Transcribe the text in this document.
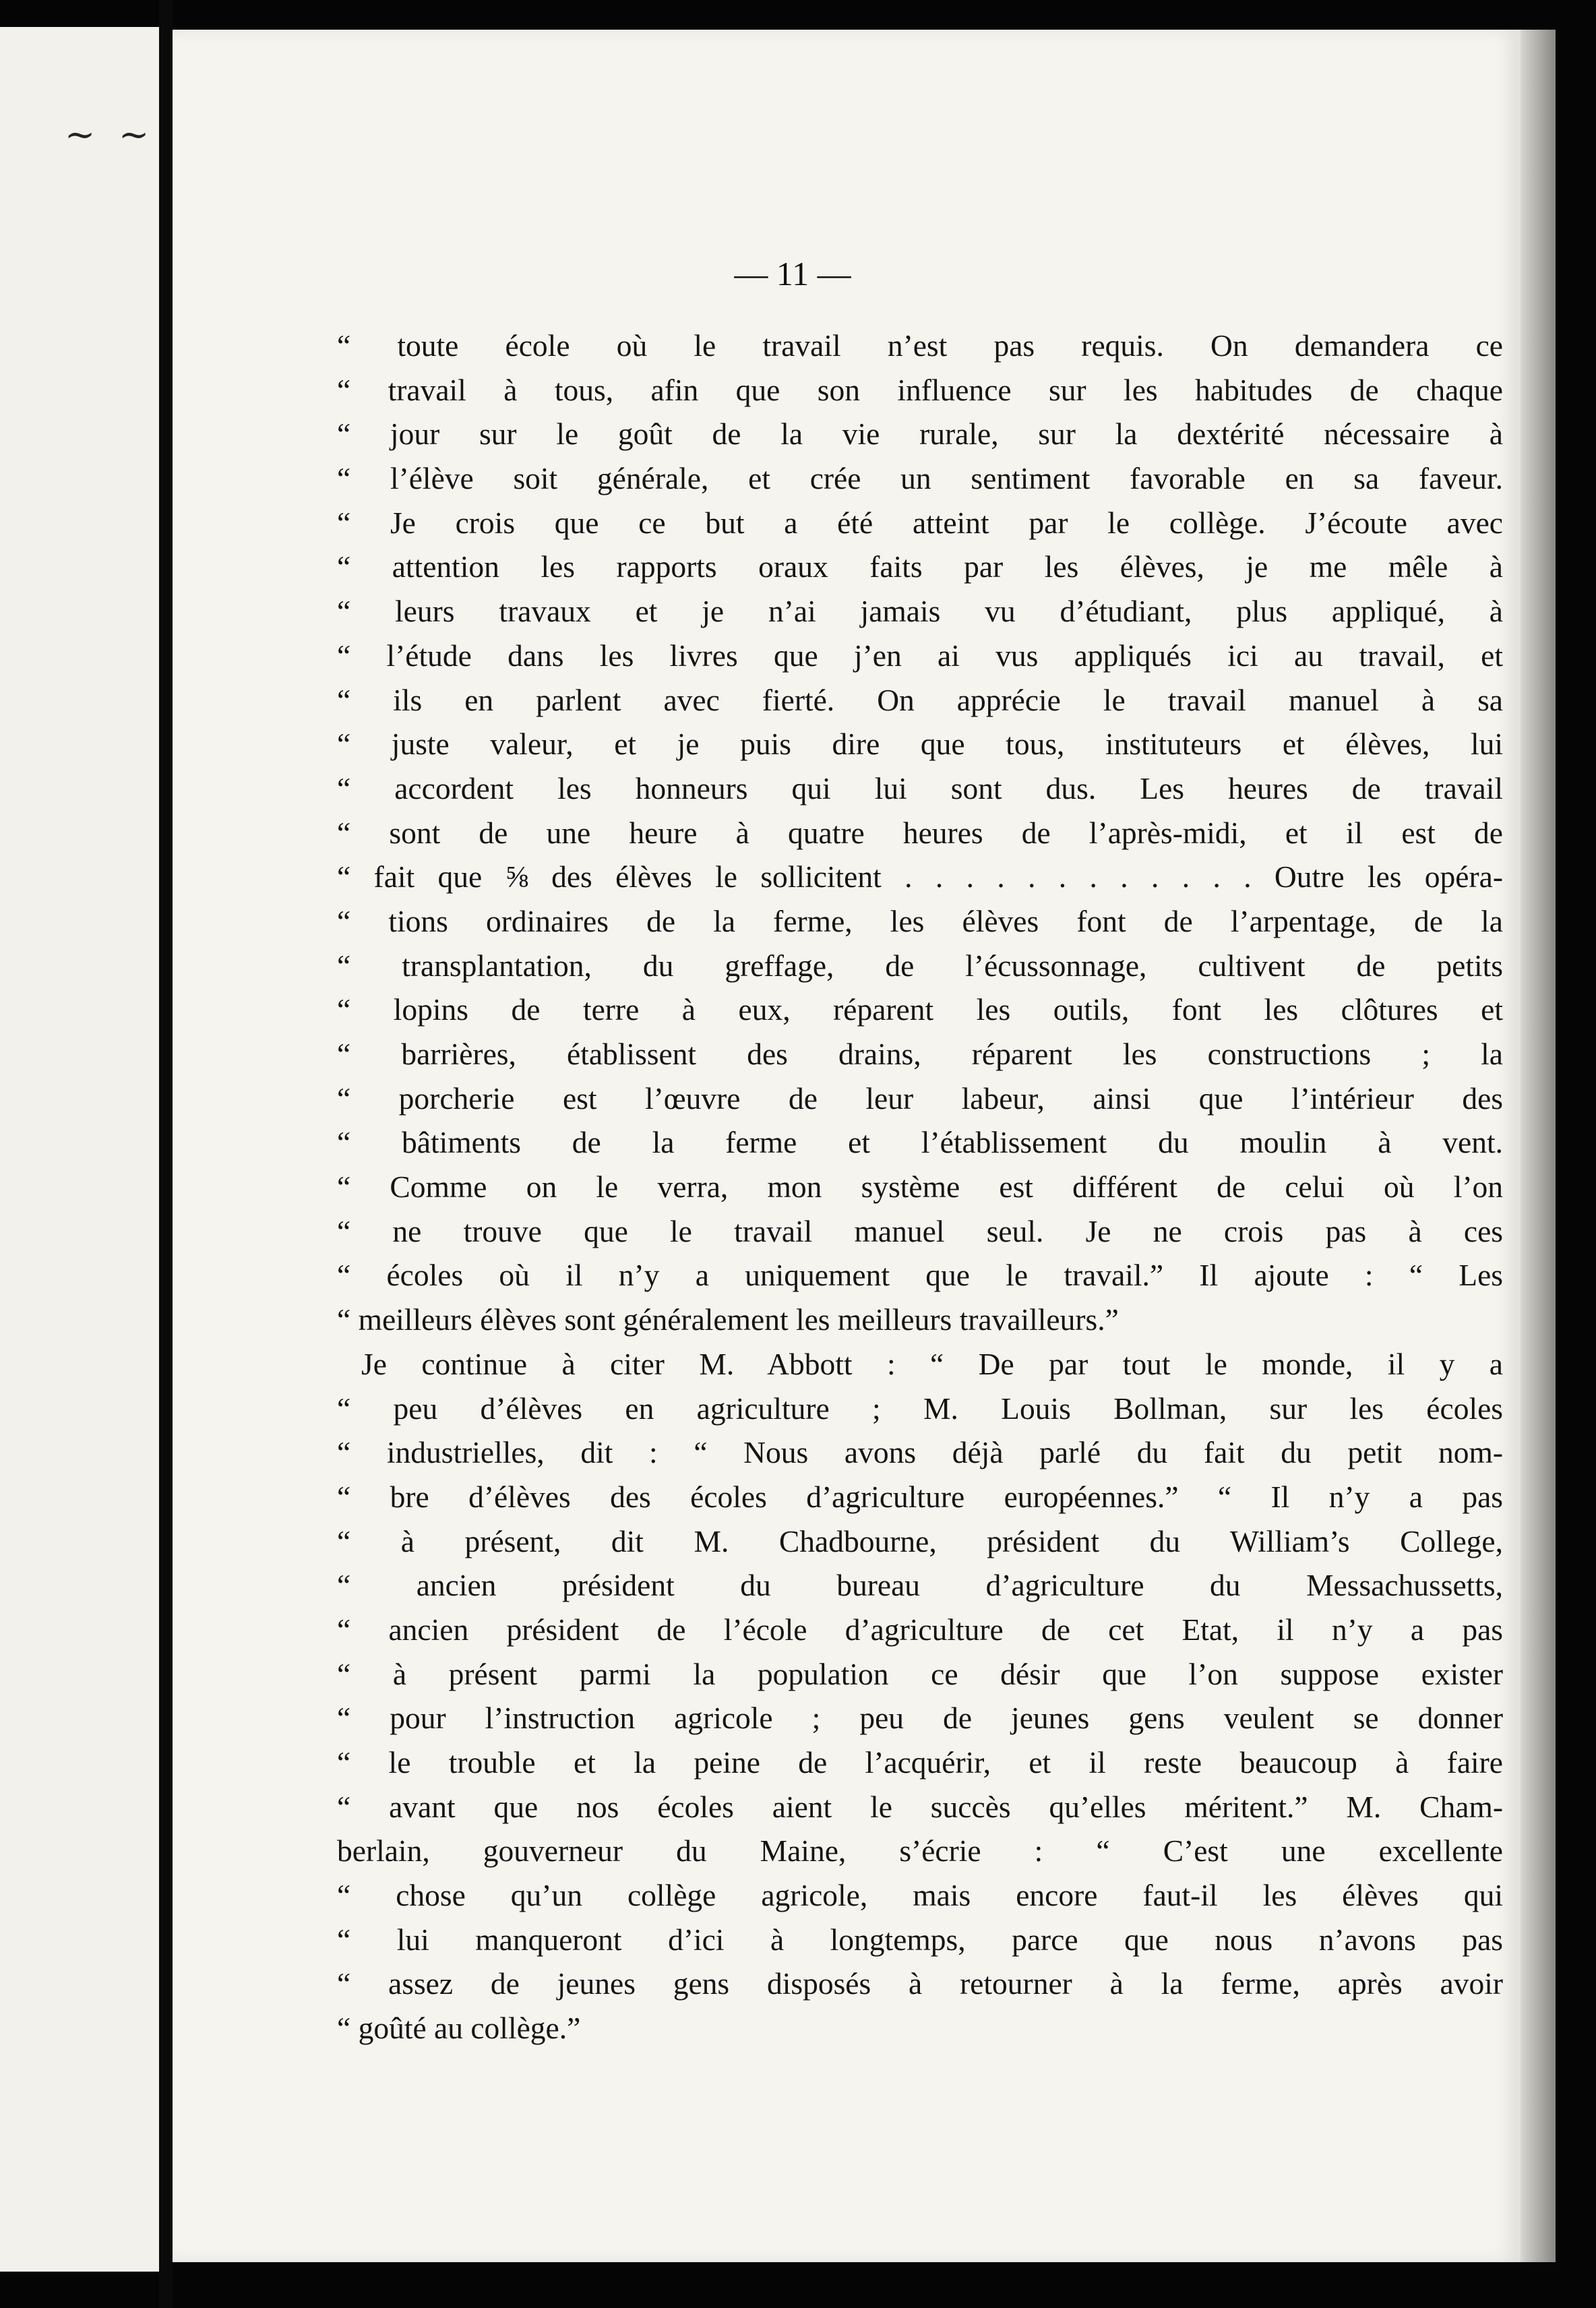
~ ~
— 11 —
“ toute école où le travail n’est pas requis. On demandera ce
“ travail à tous, afin que son influence sur les habitudes de chaque
“ jour sur le goût de la vie rurale, sur la dextérité nécessaire à
“ l’élève soit générale, et crée un sentiment favorable en sa faveur.
“ Je crois que ce but a été atteint par le collège. J’écoute avec
“ attention les rapports oraux faits par les élèves, je me mêle à
“ leurs travaux et je n’ai jamais vu d’étudiant, plus appliqué, à
“ l’étude dans les livres que j’en ai vus appliqués ici au travail, et
“ ils en parlent avec fierté. On apprécie le travail manuel à sa
“ juste valeur, et je puis dire que tous, instituteurs et élèves, lui
“ accordent les honneurs qui lui sont dus. Les heures de travail
“ sont de une heure à quatre heures de l’après-midi, et il est de
“ fait que ⅝ des élèves le sollicitent . . . . . . . . . . . . Outre les opéra-
“ tions ordinaires de la ferme, les élèves font de l’arpentage, de la
“ transplantation, du greffage, de l’écussonnage, cultivent de petits
“ lopins de terre à eux, réparent les outils, font les clôtures et
“ barrières, établissent des drains, réparent les constructions ; la
“ porcherie est l’œuvre de leur labeur, ainsi que l’intérieur des
“ bâtiments de la ferme et l’établissement du moulin à vent.
“ Comme on le verra, mon système est différent de celui où l’on
“ ne trouve que le travail manuel seul. Je ne crois pas à ces
“ écoles où il n’y a uniquement que le travail.” Il ajoute : “ Les
“ meilleurs élèves sont généralement les meilleurs travailleurs.”
Je continue à citer M. Abbott : “ De par tout le monde, il y a
“ peu d’élèves en agriculture ; M. Louis Bollman, sur les écoles
“ industrielles, dit : “ Nous avons déjà parlé du fait du petit nom-
“ bre d’élèves des écoles d’agriculture européennes.” “ Il n’y a pas
“ à présent, dit M. Chadbourne, président du William’s College,
“ ancien président du bureau d’agriculture du Messachussetts,
“ ancien président de l’école d’agriculture de cet Etat, il n’y a pas
“ à présent parmi la population ce désir que l’on suppose exister
“ pour l’instruction agricole ; peu de jeunes gens veulent se donner
“ le trouble et la peine de l’acquérir, et il reste beaucoup à faire
“ avant que nos écoles aient le succès qu’elles méritent.” M. Cham-
berlain, gouverneur du Maine, s’écrie : “ C’est une excellente
“ chose qu’un collège agricole, mais encore faut-il les élèves qui
“ lui manqueront d’ici à longtemps, parce que nous n’avons pas
“ assez de jeunes gens disposés à retourner à la ferme, après avoir
“ goûté au collège.”
